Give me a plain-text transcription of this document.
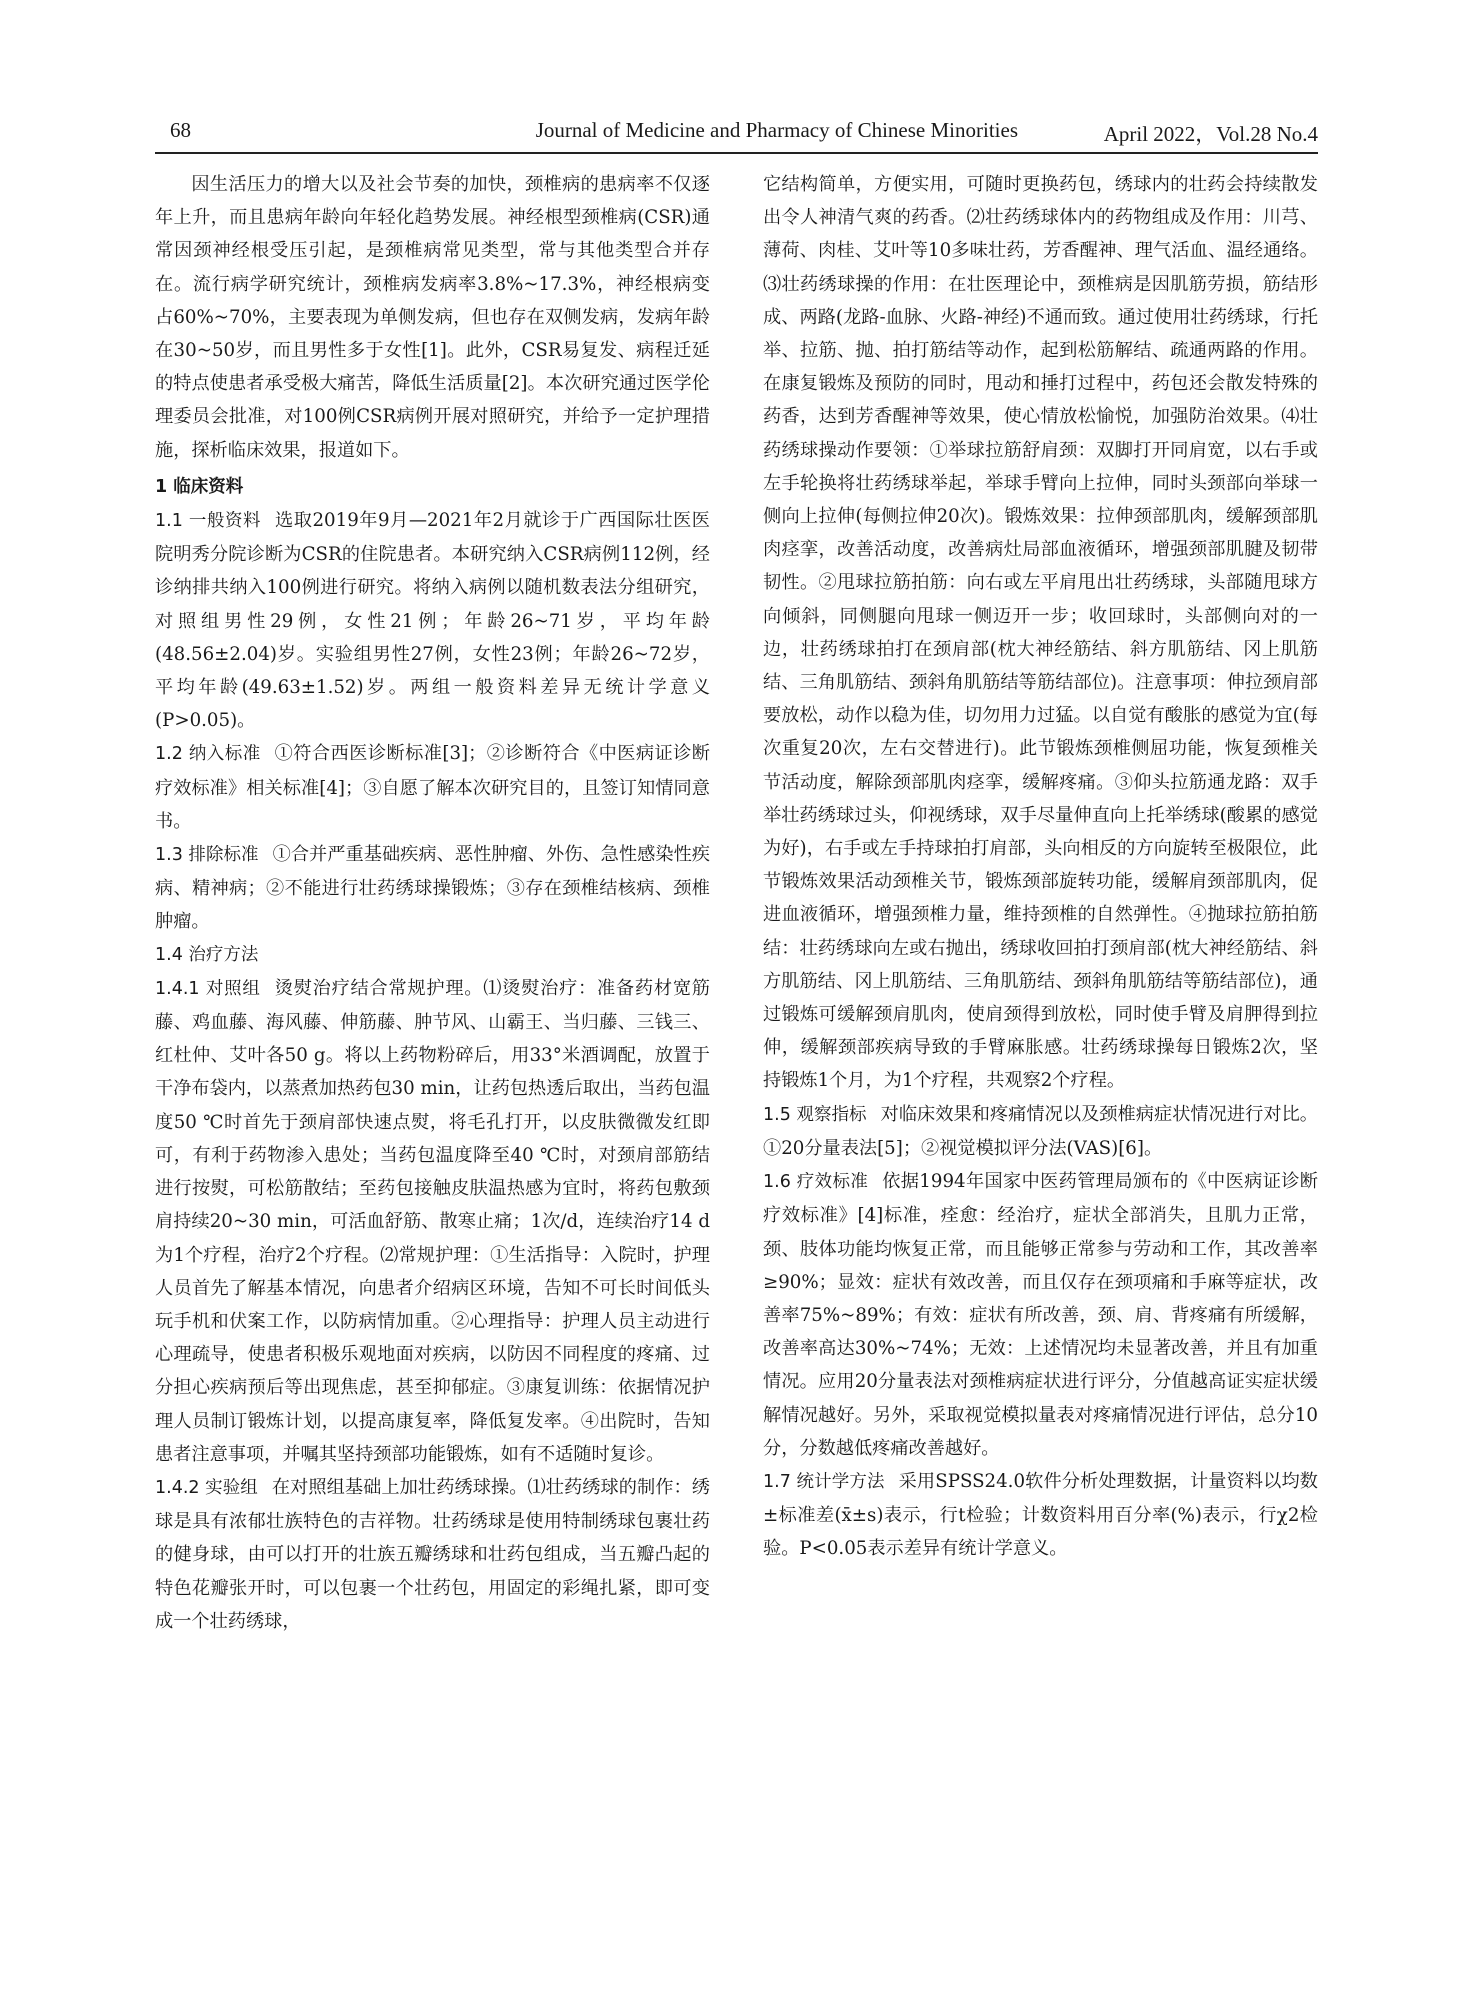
68	Journal of Medicine and Pharmacy of Chinese Minorities	April 2022，Vol.28 No.4

因生活压力的增大以及社会节奏的加快，颈椎病的患病率不仅逐年上升，而且患病年龄向年轻化趋势发展。神经根型颈椎病(CSR)通常因颈神经根受压引起，是颈椎病常见类型，常与其他类型合并存在。流行病学研究统计，颈椎病发病率3.8%~17.3%，神经根病变占60%~70%，主要表现为单侧发病，但也存在双侧发病，发病年龄在30~50岁，而且男性多于女性[1]。此外，CSR易复发、病程迁延的特点使患者承受极大痛苦，降低生活质量[2]。本次研究通过医学伦理委员会批准，对100例CSR病例开展对照研究，并给予一定护理措施，探析临床效果，报道如下。

1 临床资料

1.1 一般资料 选取2019年9月—2021年2月就诊于广西国际壮医医院明秀分院诊断为CSR的住院患者。本研究纳入CSR病例112例，经诊纳排共纳入100例进行研究。将纳入病例以随机数表法分组研究，对照组男性29例，女性21例；年龄26~71岁，平均年龄(48.56±2.04)岁。实验组男性27例，女性23例；年龄26~72岁，平均年龄(49.63±1.52)岁。两组一般资料差异无统计学意义(P>0.05)。

1.2 纳入标准 ①符合西医诊断标准[3]；②诊断符合《中医病证诊断疗效标准》相关标准[4]；③自愿了解本次研究目的，且签订知情同意书。

1.3 排除标准 ①合并严重基础疾病、恶性肿瘤、外伤、急性感染性疾病、精神病；②不能进行壮药绣球操锻炼；③存在颈椎结核病、颈椎肿瘤。

1.4 治疗方法

1.4.1 对照组 烫熨治疗结合常规护理。⑴烫熨治疗：准备药材宽筋藤、鸡血藤、海风藤、伸筋藤、肿节风、山霸王、当归藤、三钱三、红杜仲、艾叶各50 g。将以上药物粉碎后，用33°米酒调配，放置于干净布袋内，以蒸煮加热药包30 min，让药包热透后取出，当药包温度50 ℃时首先于颈肩部快速点熨，将毛孔打开，以皮肤微微发红即可，有利于药物渗入患处；当药包温度降至40 ℃时，对颈肩部筋结进行按熨，可松筋散结；至药包接触皮肤温热感为宜时，将药包敷颈肩持续20~30 min，可活血舒筋、散寒止痛；1次/d，连续治疗14 d为1个疗程，治疗2个疗程。⑵常规护理：①生活指导：入院时，护理人员首先了解基本情况，向患者介绍病区环境，告知不可长时间低头玩手机和伏案工作，以防病情加重。②心理指导：护理人员主动进行心理疏导，使患者积极乐观地面对疾病，以防因不同程度的疼痛、过分担心疾病预后等出现焦虑，甚至抑郁症。③康复训练：依据情况护理人员制订锻炼计划，以提高康复率，降低复发率。④出院时，告知患者注意事项，并嘱其坚持颈部功能锻炼，如有不适随时复诊。

1.4.2 实验组 在对照组基础上加壮药绣球操。⑴壮药绣球的制作：绣球是具有浓郁壮族特色的吉祥物。壮药绣球是使用特制绣球包裹壮药的健身球，由可以打开的壮族五瓣绣球和壮药包组成，当五瓣凸起的特色花瓣张开时，可以包裹一个壮药包，用固定的彩绳扎紧，即可变成一个壮药绣球，

它结构简单，方便实用，可随时更换药包，绣球内的壮药会持续散发出令人神清气爽的药香。⑵壮药绣球体内的药物组成及作用：川芎、薄荷、肉桂、艾叶等10多味壮药，芳香醒神、理气活血、温经通络。⑶壮药绣球操的作用：在壮医理论中，颈椎病是因肌筋劳损，筋结形成、两路(龙路-血脉、火路-神经)不通而致。通过使用壮药绣球，行托举、拉筋、抛、拍打筋结等动作，起到松筋解结、疏通两路的作用。在康复锻炼及预防的同时，甩动和捶打过程中，药包还会散发特殊的药香，达到芳香醒神等效果，使心情放松愉悦，加强防治效果。⑷壮药绣球操动作要领：①举球拉筋舒肩颈：双脚打开同肩宽，以右手或左手轮换将壮药绣球举起，举球手臂向上拉伸，同时头颈部向举球一侧向上拉伸(每侧拉伸20次)。锻炼效果：拉伸颈部肌肉，缓解颈部肌肉痉挛，改善活动度，改善病灶局部血液循环，增强颈部肌腱及韧带韧性。②甩球拉筋拍筋：向右或左平肩甩出壮药绣球，头部随甩球方向倾斜，同侧腿向甩球一侧迈开一步；收回球时，头部侧向对的一边，壮药绣球拍打在颈肩部(枕大神经筋结、斜方肌筋结、冈上肌筋结、三角肌筋结、颈斜角肌筋结等筋结部位)。注意事项：伸拉颈肩部要放松，动作以稳为佳，切勿用力过猛。以自觉有酸胀的感觉为宜(每次重复20次，左右交替进行)。此节锻炼颈椎侧屈功能，恢复颈椎关节活动度，解除颈部肌肉痉挛，缓解疼痛。③仰头拉筋通龙路：双手举壮药绣球过头，仰视绣球，双手尽量伸直向上托举绣球(酸累的感觉为好)，右手或左手持球拍打肩部，头向相反的方向旋转至极限位，此节锻炼效果活动颈椎关节，锻炼颈部旋转功能，缓解肩颈部肌肉，促进血液循环，增强颈椎力量，维持颈椎的自然弹性。④抛球拉筋拍筋结：壮药绣球向左或右抛出，绣球收回拍打颈肩部(枕大神经筋结、斜方肌筋结、冈上肌筋结、三角肌筋结、颈斜角肌筋结等筋结部位)，通过锻炼可缓解颈肩肌肉，使肩颈得到放松，同时使手臂及肩胛得到拉伸，缓解颈部疾病导致的手臂麻胀感。壮药绣球操每日锻炼2次，坚持锻炼1个月，为1个疗程，共观察2个疗程。

1.5 观察指标 对临床效果和疼痛情况以及颈椎病症状情况进行对比。①20分量表法[5]；②视觉模拟评分法(VAS)[6]。

1.6 疗效标准 依据1994年国家中医药管理局颁布的《中医病证诊断疗效标准》[4]标准，痊愈：经治疗，症状全部消失，且肌力正常，颈、肢体功能均恢复正常，而且能够正常参与劳动和工作，其改善率≥90%；显效：症状有效改善，而且仅存在颈项痛和手麻等症状，改善率75%~89%；有效：症状有所改善，颈、肩、背疼痛有所缓解，改善率高达30%~74%；无效：上述情况均未显著改善，并且有加重情况。应用20分量表法对颈椎病症状进行评分，分值越高证实症状缓解情况越好。另外，采取视觉模拟量表对疼痛情况进行评估，总分10分，分数越低疼痛改善越好。

1.7 统计学方法 采用SPSS24.0软件分析处理数据，计量资料以均数±标准差(x̄±s)表示，行t检验；计数资料用百分率(%)表示，行χ2检验。P<0.05表示差异有统计学意义。
